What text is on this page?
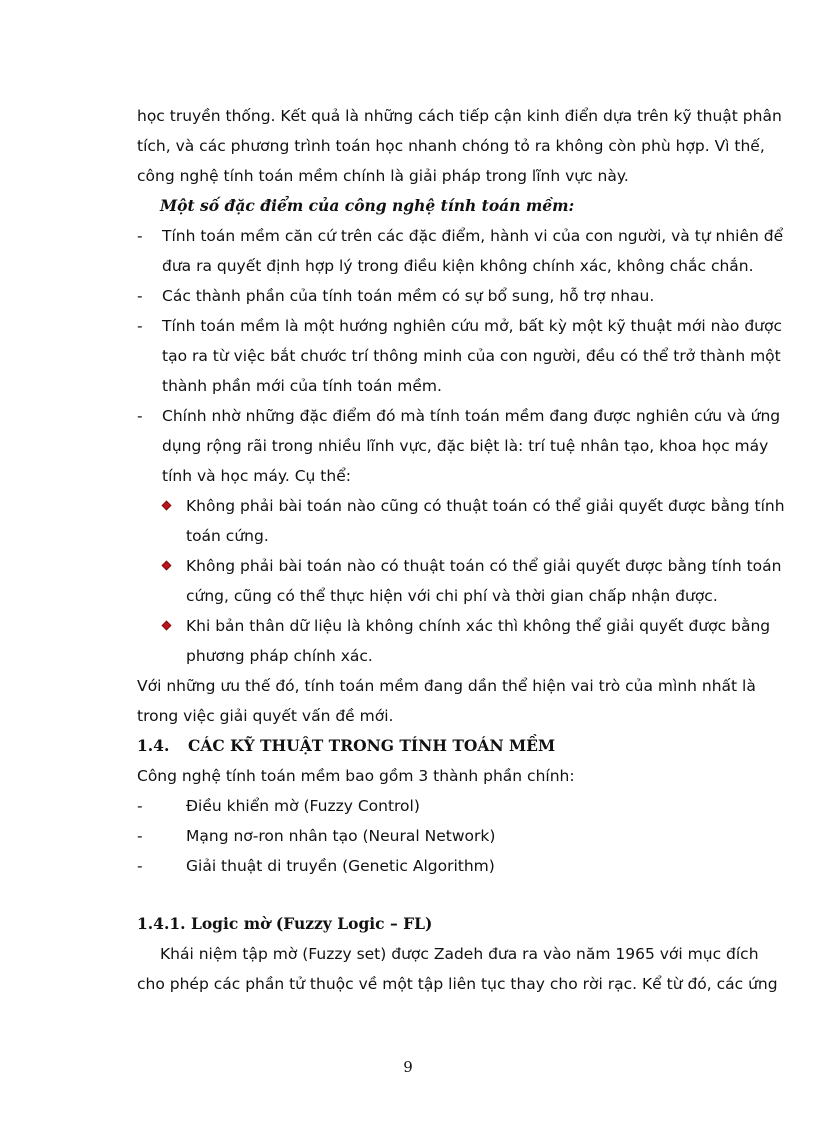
học truyền thống. Kết quả là những cách tiếp cận kinh điển dựa trên kỹ thuật phân
tích, và các phương trình toán học nhanh chóng tỏ ra không còn phù hợp. Vì thế,
công nghệ tính toán mềm chính là giải pháp trong lĩnh vực này.
Một số đặc điểm của công nghệ tính toán mềm:
- Tính toán mềm căn cứ trên các đặc điểm, hành vi của con người, và tự nhiên để
đưa ra quyết định hợp lý trong điều kiện không chính xác, không chắc chắn.
- Các thành phần của tính toán mềm có sự bổ sung, hỗ trợ nhau.
- Tính toán mềm là một hướng nghiên cứu mở, bất kỳ một kỹ thuật mới nào được
tạo ra từ việc bắt chước trí thông minh của con người, đều có thể trở thành một
thành phần mới của tính toán mềm.
- Chính nhờ những đặc điểm đó mà tính toán mềm đang được nghiên cứu và ứng
dụng rộng rãi trong nhiều lĩnh vực, đặc biệt là: trí tuệ nhân tạo, khoa học máy
tính và học máy. Cụ thể:
Không phải bài toán nào cũng có thuật toán có thể giải quyết được bằng tính
toán cứng.
Không phải bài toán nào có thuật toán có thể giải quyết được bằng tính toán
cứng, cũng có thể thực hiện với chi phí và thời gian chấp nhận được.
Khi bản thân dữ liệu là không chính xác thì không thể giải quyết được bằng
phương pháp chính xác.
Với những ưu thế đó, tính toán mềm đang dần thể hiện vai trò của mình nhất là
trong việc giải quyết vấn đề mới.
1.4. CÁC KỸ THUẬT TRONG TÍNH TOÁN MỀM
Công nghệ tính toán mềm bao gồm 3 thành phần chính:
-	Điều khiển mờ (Fuzzy Control)
-	Mạng nơ-ron nhân tạo (Neural Network)
-	Giải thuật di truyền (Genetic Algorithm)
1.4.1. Logic mờ (Fuzzy Logic – FL)
Khái niệm tập mờ (Fuzzy set) được Zadeh đưa ra vào năm 1965 với mục đích
cho phép các phần tử thuộc về một tập liên tục thay cho rời rạc. Kể từ đó, các ứng
9
